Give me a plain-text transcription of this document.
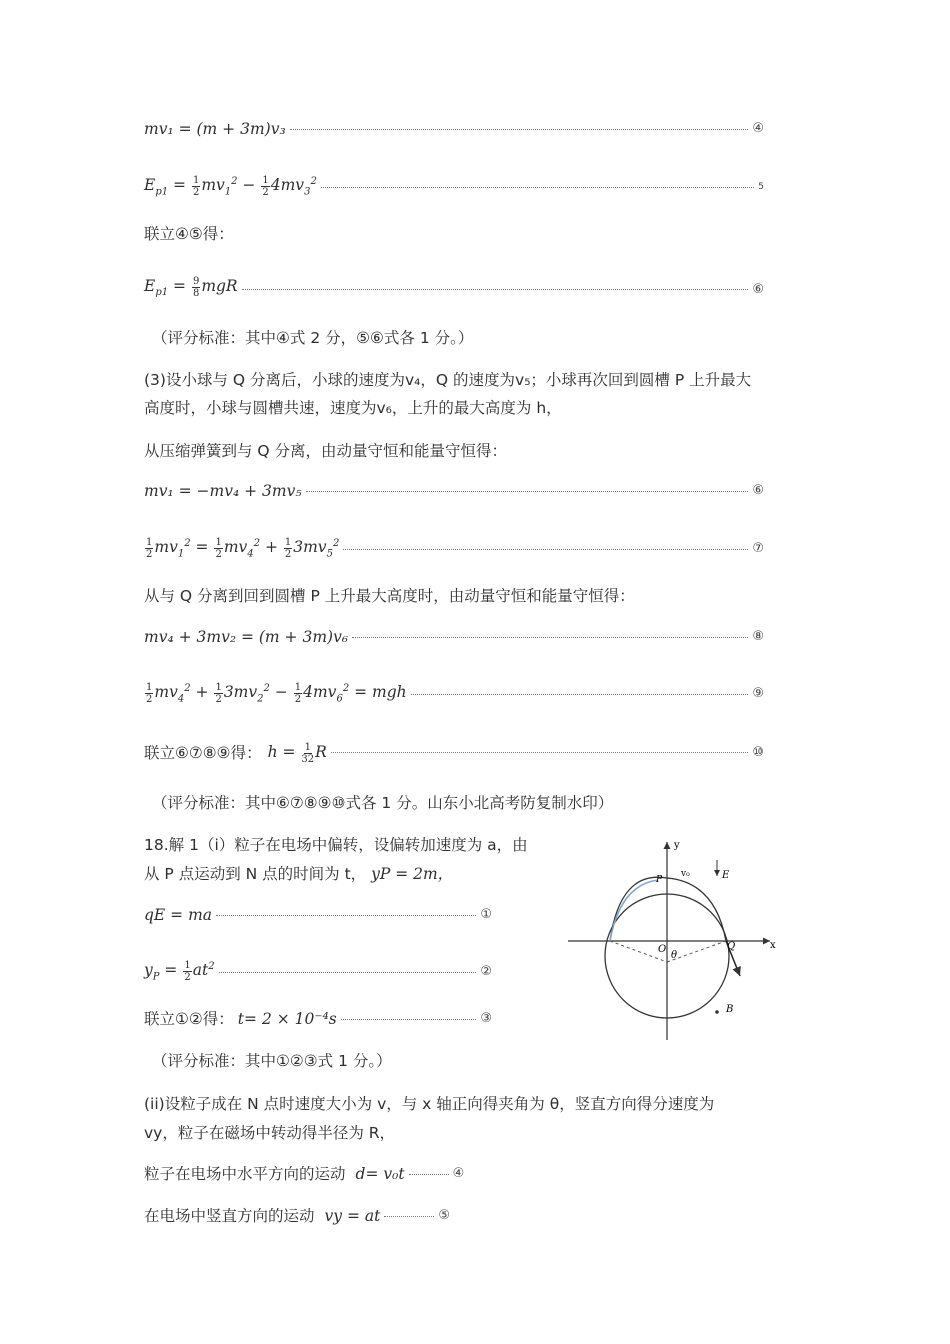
mv₁ = (m + 3m)v₃	④
$E_{p1} = \frac{1}{2} mv_1^2 - \frac{1}{2} 4mv_3^2$
5
联立④⑤得：
$E_{p1} = \frac{9}{8}$ mgR	⑥
（评分标准：其中④式 2 分，⑤⑥式各 1 分。）
(3)设小球与 Q 分离后，小球的速度为v₄，Q 的速度为v₅；小球再次回到圆槽 P 上升最大高度时，小球与圆槽共速，速度为v₆，上升的最大高度为 h，
从压缩弹簧到与 Q 分离，由动量守恒和能量守恒得：
mv₁ = −mv₄ + 3mv₅	⑥
$\frac{1}{2} mv_1^2 = \frac{1}{2} mv_4^2 + \frac{1}{2} 3mv_5^2$	⑦
从与 Q 分离到回到圆槽 P 上升最大高度时，由动量守恒和能量守恒得：
mv₄ + 3mv₂ = (m + 3m)v₆	⑧
$\frac{1}{2} mv_4^2 + \frac{1}{2} 3mv_2^2 - \frac{1}{2} 4mv_6^2$ = mgh	⑨
联立⑥⑦⑧⑨得： $h = \frac{1}{32}$ R	⑩
（评分标准：其中⑥⑦⑧⑨⑩式各 1 分。山东小北高考防复制水印）
18.解 1（i）粒子在电场中偏转，设偏转加速度为 a，由
从 P 点运动到 N 点的时间为 t， yP = 2m，
qE = ma	①
$y_P = \frac{1}{2} at^2$	②
联立①②得： t= 2 × 10⁻⁴s	③
（评分标准：其中①②③式 1 分。）
(ii)设粒子成在 N 点时速度大小为 v，与 x 轴正向得夹角为 θ，竖直方向得分速度为
vy，粒子在磁场中转动得半径为 R，
粒子在电场中水平方向的运动 d= v₀t	④
在电场中竖直方向的运动 vy = at	⑤
y
x
O
P
v₀	E
θ
Q
B
